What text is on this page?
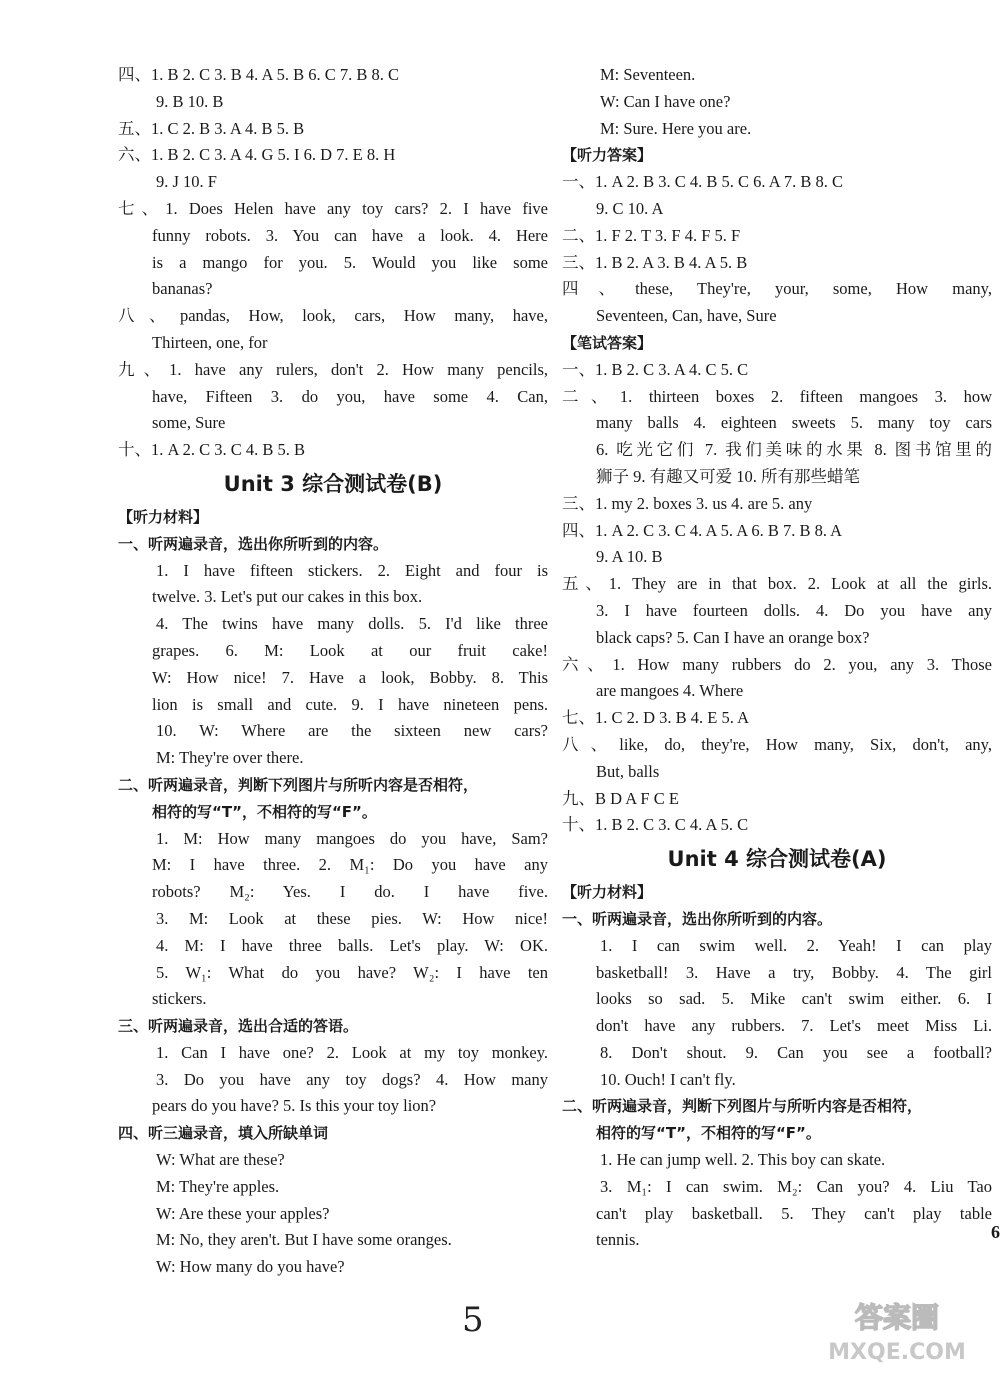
四、1. B 2. C 3. B 4. A 5. B 6. C 7. B 8. C
9. B 10. B
五、1. C 2. B 3. A 4. B 5. B
六、1. B 2. C 3. A 4. G 5. I 6. D 7. E 8. H
9. J 10. F
七、1. Does Helen have any toy cars? 2. I have five
funny robots. 3. You can have a look. 4. Here
is a mango for you. 5. Would you like some
bananas?
八、pandas, How, look, cars, How many, have,
Thirteen, one, for
九、1. have any rulers, don't 2. How many pencils,
have, Fifteen 3. do you, have some 4. Can,
some, Sure
十、1. A 2. C 3. C 4. B 5. B
Unit 3 综合测试卷(B)
【听力材料】
一、听两遍录音，选出你所听到的内容。
1. I have fifteen stickers. 2. Eight and four is
twelve. 3. Let's put our cakes in this box.
4. The twins have many dolls. 5. I'd like three
grapes. 6. M: Look at our fruit cake!
W: How nice! 7. Have a look, Bobby. 8. This
lion is small and cute. 9. I have nineteen pens.
10. W: Where are the sixteen new cars?
M: They're over there.
二、听两遍录音，判断下列图片与所听内容是否相符，
相符的写“T”，不相符的写“F”。
1. M: How many mangoes do you have, Sam?
M: I have three. 2. M₁: Do you have any
robots? M₂: Yes. I do. I have five.
3. M: Look at these pies. W: How nice!
4. M: I have three balls. Let's play. W: OK.
5. W₁: What do you have? W₂: I have ten
stickers.
三、听两遍录音，选出合适的答语。
1. Can I have one? 2. Look at my toy monkey.
3. Do you have any toy dogs? 4. How many
pears do you have? 5. Is this your toy lion?
四、听三遍录音，填入所缺单词
W: What are these?
M: They're apples.
W: Are these your apples?
M: No, they aren't. But I have some oranges.
W: How many do you have?
M: Seventeen.
W: Can I have one?
M: Sure. Here you are.
【听力答案】
一、1. A 2. B 3. C 4. B 5. C 6. A 7. B 8. C
9. C 10. A
二、1. F 2. T 3. F 4. F 5. F
三、1. B 2. A 3. B 4. A 5. B
四、these, They're, your, some, How many,
Seventeen, Can, have, Sure
【笔试答案】
一、1. B 2. C 3. A 4. C 5. C
二、1. thirteen boxes 2. fifteen mangoes 3. how
many balls 4. eighteen sweets 5. many toy cars
6. 吃光它们 7. 我们美味的水果 8. 图书馆里的
狮子 9. 有趣又可爱 10. 所有那些蜡笔
三、1. my 2. boxes 3. us 4. are 5. any
四、1. A 2. C 3. C 4. A 5. A 6. B 7. B 8. A
9. A 10. B
五、1. They are in that box. 2. Look at all the girls.
3. I have fourteen dolls. 4. Do you have any
black caps? 5. Can I have an orange box?
六、1. How many rubbers do 2. you, any 3. Those
are mangoes 4. Where
七、1. C 2. D 3. B 4. E 5. A
八、like, do, they're, How many, Six, don't, any,
But, balls
九、B D A F C E
十、1. B 2. C 3. C 4. A 5. C
Unit 4 综合测试卷(A)
【听力材料】
一、听两遍录音，选出你所听到的内容。
1. I can swim well. 2. Yeah! I can play
basketball! 3. Have a try, Bobby. 4. The girl
looks so sad. 5. Mike can't swim either. 6. I
don't have any rubbers. 7. Let's meet Miss Li.
8. Don't shout. 9. Can you see a football?
10. Ouch! I can't fly.
二、听两遍录音，判断下列图片与所听内容是否相符，
相符的写“T”，不相符的写“F”。
1. He can jump well. 2. This boy can skate.
3. M₁: I can swim. M₂: Can you? 4. Liu Tao
can't play basketball. 5. They can't play table
tennis.
5
6
答案圈
MXQE.COM
